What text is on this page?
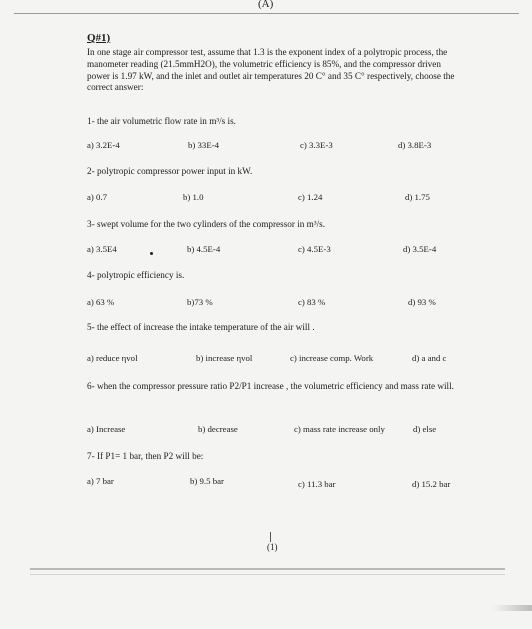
(A)
Q#1)
In one stage air compressor test, assume that 1.3 is the exponent index of a polytropic process, the manometer reading (21.5mmH2O), the volumetric efficiency is 85%, and the compressor driven power is 1.97 kW, and the inlet and outlet air temperatures 20 C° and 35 C° respectively, choose the correct answer:
1- the air volumetric flow rate in m³/s is.
a) 3.2E-4	b) 33E-4	c) 3.3E-3	d) 3.8E-3
2- polytropic compressor power input in kW.
a) 0.7	b) 1.0	c) 1.24	d) 1.75
3- swept volume for the two cylinders of the compressor in m³/s.
a) 3.5E4	b) 4.5E-4	c) 4.5E-3	d) 3.5E-4
4- polytropic efficiency is.
a) 63 %	b)73 %	c) 83 %	d) 93 %
5- the effect of increase the intake temperature of the air will .
a) reduce ηvol	b) increase ηvol	c) increase comp. Work	d) a and c
6- when the compressor pressure ratio P2/P1 increase , the volumetric efficiency and mass rate will.
a) Increase	b) decrease	c) mass rate increase only	d) else
7- If P1= 1 bar, then P2 will be:
a) 7 bar	b) 9.5 bar	c) 11.3 bar	d) 15.2 bar
(1)
